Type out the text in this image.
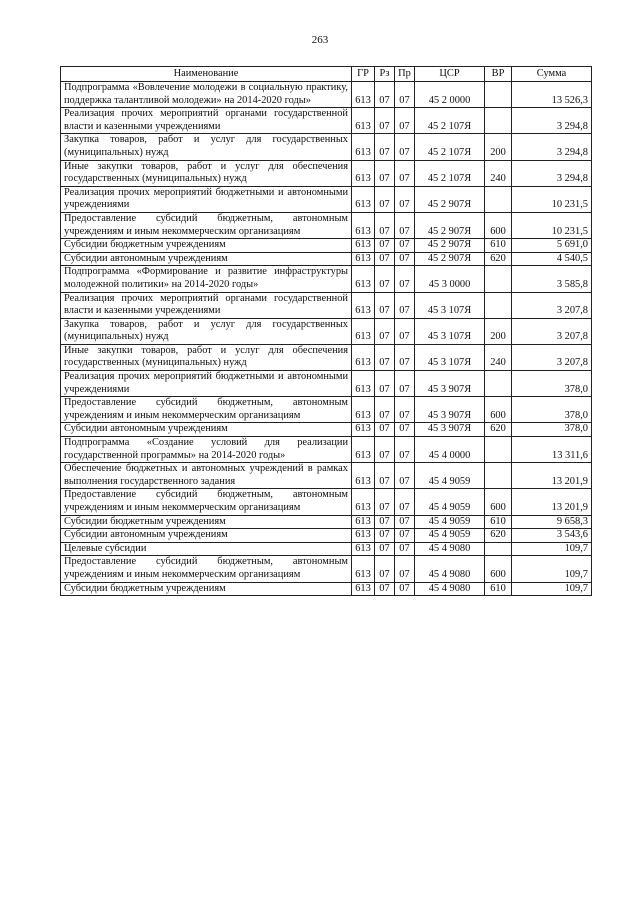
263
Наименование	ГР	Рз	Пр	ЦСР	ВР	Сумма
Подпрограмма «Вовлечение молодежи в социальную практику, поддержка талантливой молодежи» на 2014-2020 годы»	613	07	07	45 2 0000		13 526,3
Реализация прочих мероприятий органами государственной власти и казенными учреждениями	613	07	07	45 2 107Я		3 294,8
Закупка товаров, работ и услуг для государственных (муниципальных) нужд	613	07	07	45 2 107Я	200	3 294,8
Иные закупки товаров, работ и услуг для обеспечения государственных (муниципальных) нужд	613	07	07	45 2 107Я	240	3 294,8
Реализация прочих мероприятий бюджетными и автономными учреждениями	613	07	07	45 2 907Я		10 231,5
Предоставление субсидий бюджетным, автономным учреждениям и иным некоммерческим организациям	613	07	07	45 2 907Я	600	10 231,5
Субсидии бюджетным учреждениям	613	07	07	45 2 907Я	610	5 691,0
Субсидии автономным учреждениям	613	07	07	45 2 907Я	620	4 540,5
Подпрограмма «Формирование и развитие инфраструктуры молодежной политики» на 2014-2020 годы»	613	07	07	45 3 0000		3 585,8
Реализация прочих мероприятий органами государственной власти и казенными учреждениями	613	07	07	45 3 107Я		3 207,8
Закупка товаров, работ и услуг для государственных (муниципальных) нужд	613	07	07	45 3 107Я	200	3 207,8
Иные закупки товаров, работ и услуг для обеспечения государственных (муниципальных) нужд	613	07	07	45 3 107Я	240	3 207,8
Реализация прочих мероприятий бюджетными и автономными учреждениями	613	07	07	45 3 907Я		378,0
Предоставление субсидий бюджетным, автономным учреждениям и иным некоммерческим организациям	613	07	07	45 3 907Я	600	378,0
Субсидии автономным учреждениям	613	07	07	45 3 907Я	620	378,0
Подпрограмма «Создание условий для реализации государственной программы» на 2014-2020 годы»	613	07	07	45 4 0000		13 311,6
Обеспечение бюджетных и автономных учреждений в рамках выполнения государственного задания	613	07	07	45 4 9059		13 201,9
Предоставление субсидий бюджетным, автономным учреждениям и иным некоммерческим организациям	613	07	07	45 4 9059	600	13 201,9
Субсидии бюджетным учреждениям	613	07	07	45 4 9059	610	9 658,3
Субсидии автономным учреждениям	613	07	07	45 4 9059	620	3 543,6
Целевые субсидии	613	07	07	45 4 9080		109,7
Предоставление субсидий бюджетным, автономным учреждениям и иным некоммерческим организациям	613	07	07	45 4 9080	600	109,7
Субсидии бюджетным учреждениям	613	07	07	45 4 9080	610	109,7
